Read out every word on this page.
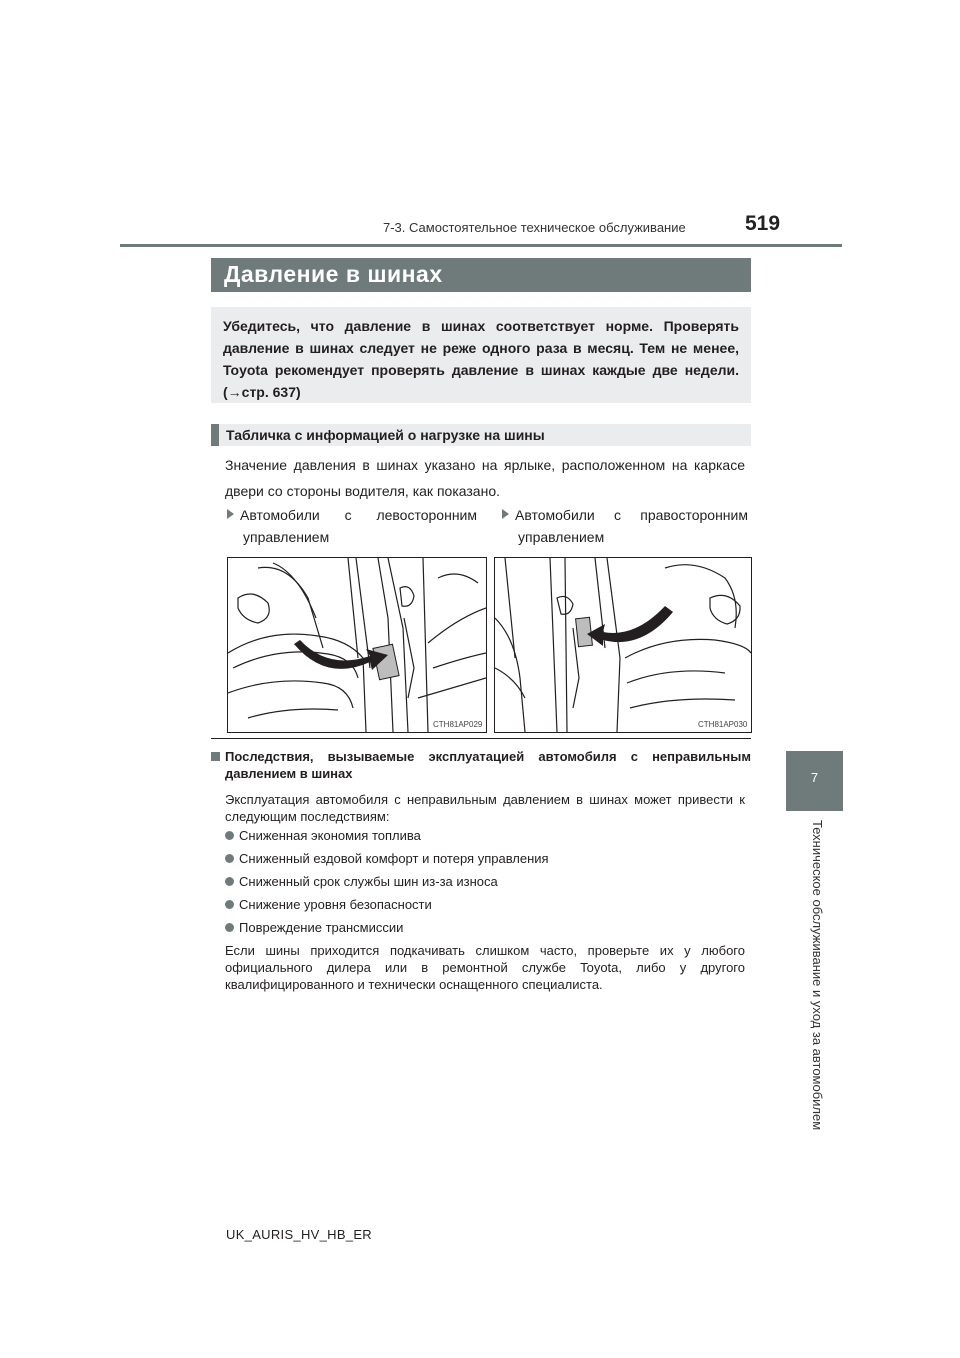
7-3. Самостоятельное техническое обслуживание	519
7
Техническое обслуживание и уход за автомобилем
Давление в шинах
Убедитесь, что давление в шинах соответствует норме. Проверять давление в шинах следует не реже одного раза в месяц. Тем не менее, Toyota рекомендует проверять давление в шинах каждые две недели. (→стр. 637)
Табличка с информацией о нагрузке на шины
Значение давления в шинах указано на ярлыке, расположенном на каркасе двери со стороны водителя, как показано.
Автомобили с левосторонним
управлением
Автомобили с правосторонним
управлением
CTH81AP029	CTH81AP030
Последствия, вызываемые эксплуатацией автомобиля с неправильным давлением в шинах
Эксплуатация автомобиля с неправильным давлением в шинах может привести к следующим последствиям:
Сниженная экономия топлива
Сниженный ездовой комфорт и потеря управления
Сниженный срок службы шин из-за износа
Снижение уровня безопасности
Повреждение трансмиссии
Если шины приходится подкачивать слишком часто, проверьте их у любого официального дилера или в ремонтной службе Toyota, либо у другого квалифицированного и технически оснащенного специалиста.
UK_AURIS_HV_HB_ER
